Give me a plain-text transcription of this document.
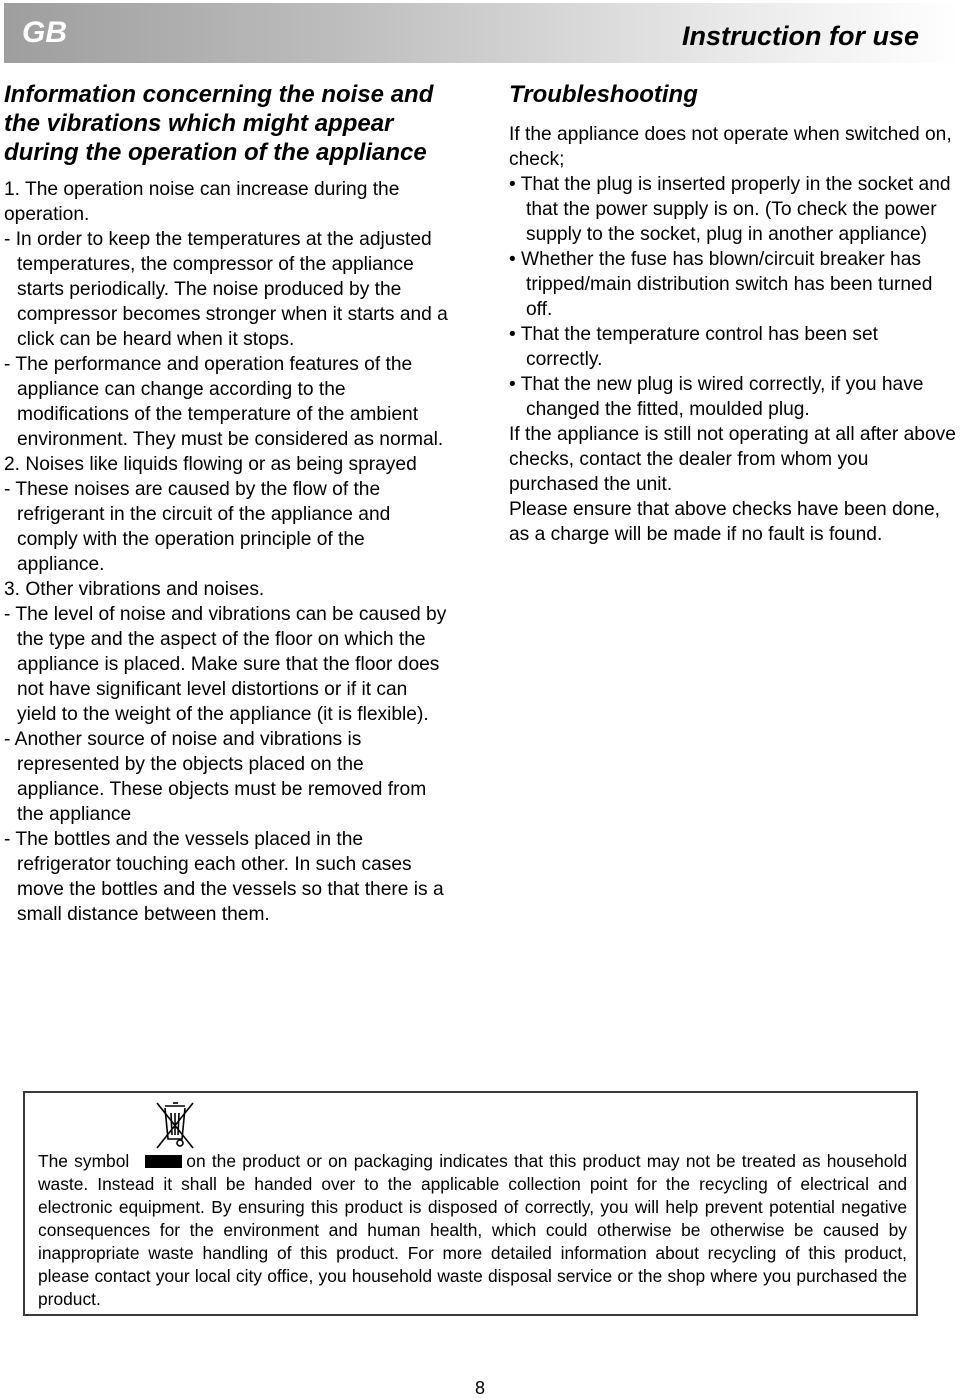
GB	Instruction for use
Information concerning the noise and the vibrations which might appear during the operation of the appliance

1. The operation noise can increase during the operation.

- In order to keep the temperatures at the adjusted temperatures, the compressor of the appliance starts periodically. The noise produced by the compressor becomes stronger when it starts and a click can be heard when it stops.

- The performance and operation features of the appliance can change according to the modifications of the temperature of the ambient environment. They must be considered as normal.

2. Noises like liquids flowing or as being sprayed

- These noises are caused by the flow of the refrigerant in the circuit of the appliance and comply with the operation principle of the appliance.

3. Other vibrations and noises.

- The level of noise and vibrations can be caused by the type and the aspect of the floor on which the appliance is placed. Make sure that the floor does not have significant level distortions or if it can yield to the weight of the appliance (it is flexible).

- Another source of noise and vibrations is represented by the objects placed on the appliance. These objects must be removed from the appliance

- The bottles and the vessels placed in the refrigerator touching each other. In such cases move the bottles and the vessels so that there is a small distance between them.

Troubleshooting

If the appliance does not operate when switched on, check;

• That the plug is inserted properly in the socket and that the power supply is on. (To check the power supply to the socket, plug in another appliance)

• Whether the fuse has blown/circuit breaker has tripped/main distribution switch has been turned off.

• That the temperature control has been set correctly.

• That the new plug is wired correctly, if you have changed the fitted, moulded plug.

If the appliance is still not operating at all after above checks, contact the dealer from whom you purchased the unit.

Please ensure that above checks have been done, as a charge will be made if no fault is found.

The symbol	on the product or on packaging indicates that this product may not be treated as household waste. Instead it shall be handed over to the applicable collection point for the recycling of electrical and electronic equipment. By ensuring this product is disposed of correctly, you will help prevent potential negative consequences for the environment and human health, which could otherwise be otherwise be caused by inappropriate waste handling of this product. For more detailed information about recycling of this product, please contact your local city office, you household waste disposal service or the shop where you purchased the product.
8
